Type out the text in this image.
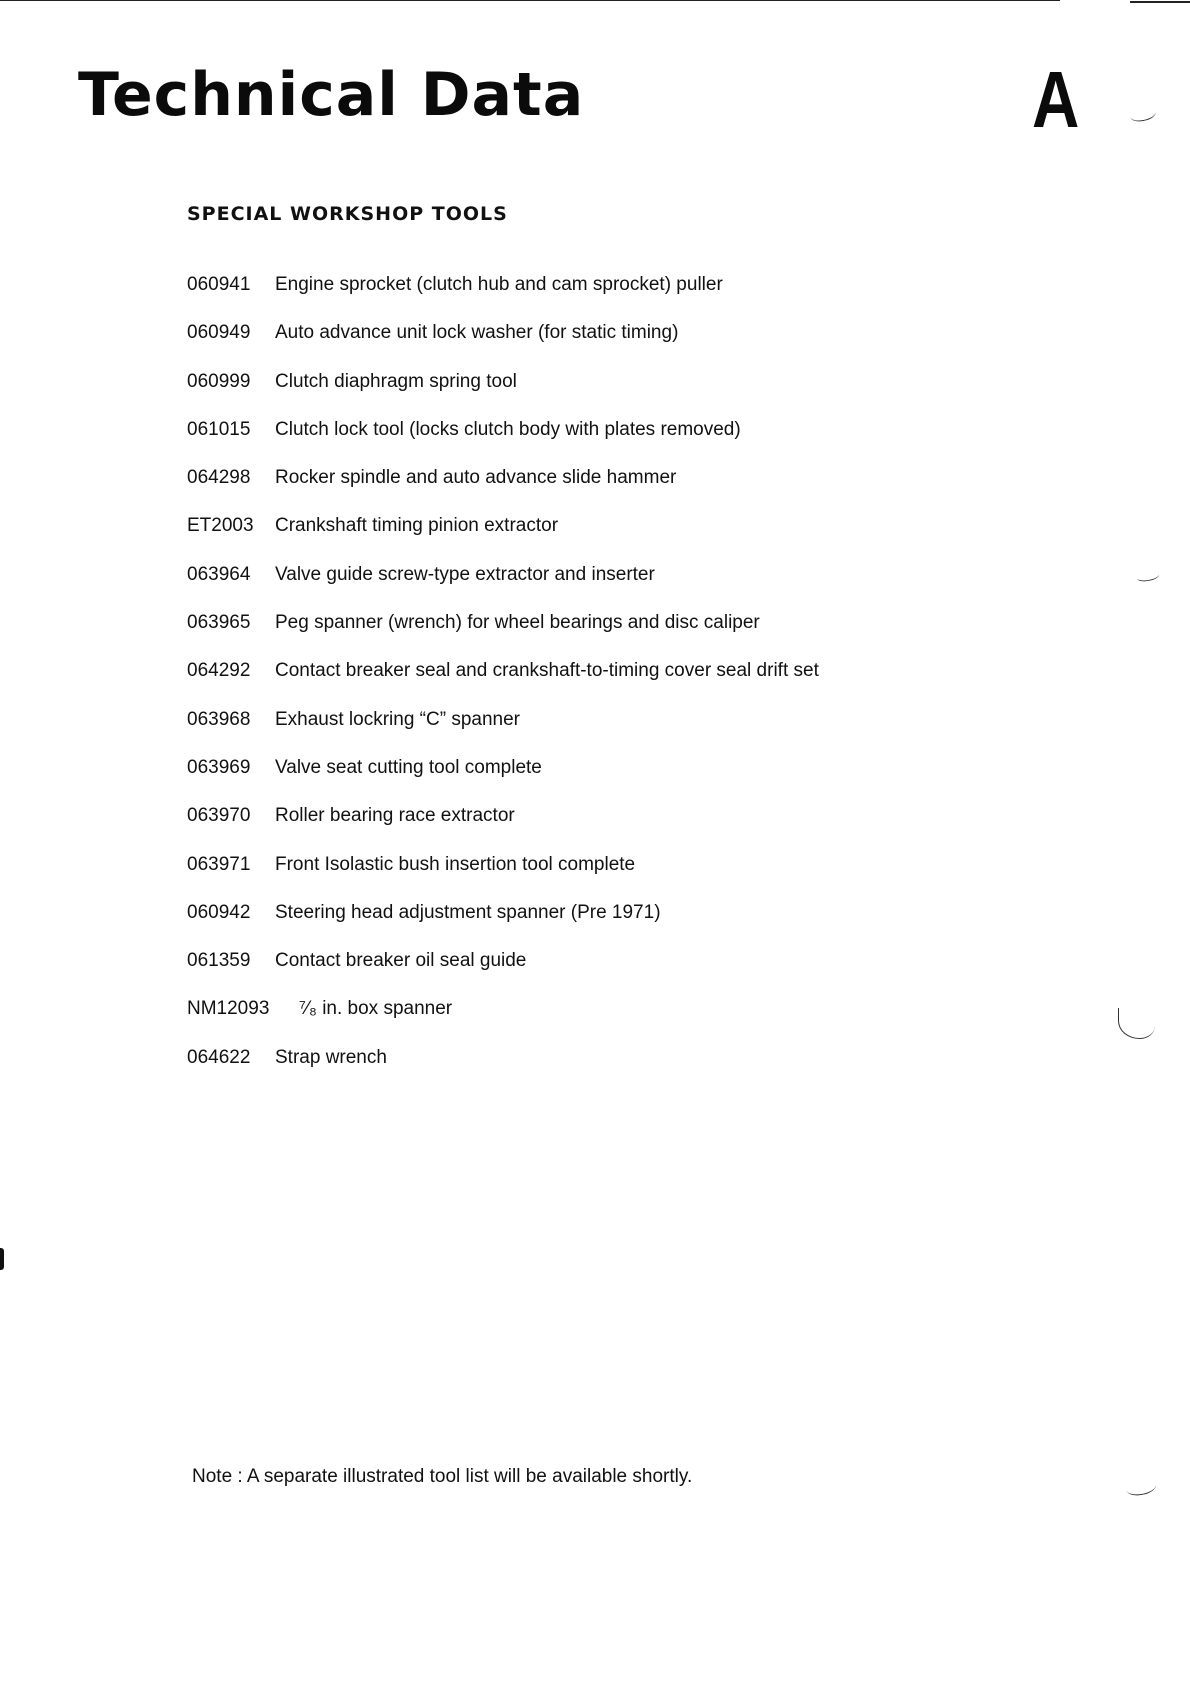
Technical Data	A
SPECIAL WORKSHOP TOOLS
060941	Engine sprocket (clutch hub and cam sprocket) puller
060949	Auto advance unit lock washer (for static timing)
060999	Clutch diaphragm spring tool
061015	Clutch lock tool (locks clutch body with plates removed)
064298	Rocker spindle and auto advance slide hammer
ET2003	Crankshaft timing pinion extractor
063964	Valve guide screw-type extractor and inserter
063965	Peg spanner (wrench) for wheel bearings and disc caliper
064292	Contact breaker seal and crankshaft-to-timing cover seal drift set
063968	Exhaust lockring “C” spanner
063969	Valve seat cutting tool complete
063970	Roller bearing race extractor
063971	Front Isolastic bush insertion tool complete
060942	Steering head adjustment spanner (Pre 1971)
061359	Contact breaker oil seal guide
NM12093	⁷⁄₈ in. box spanner
064622	Strap wrench

Note : A separate illustrated tool list will be available shortly.
